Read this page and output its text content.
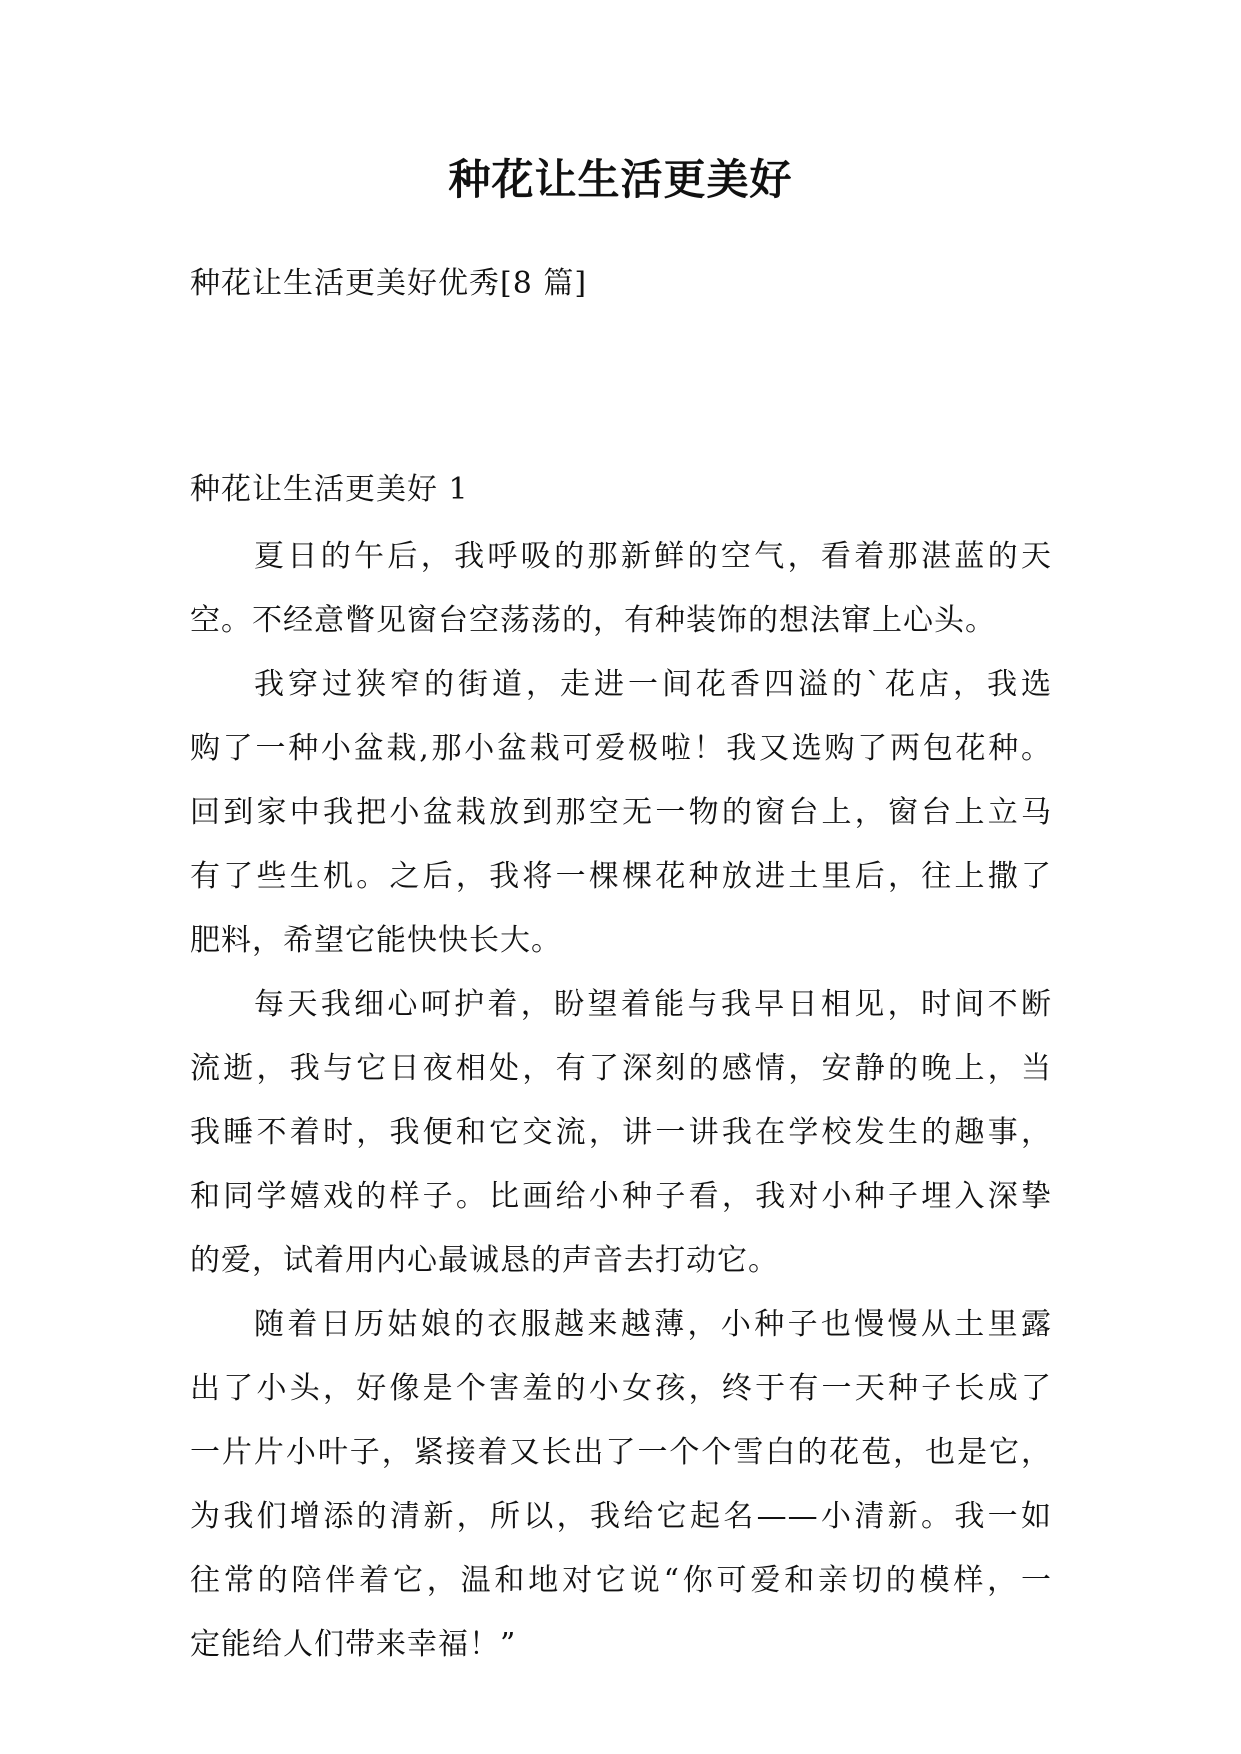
种花让生活更美好

种花让生活更美好优秀[8 篇]

种花让生活更美好 1

夏日的午后，我呼吸的那新鲜的空气，看着那湛蓝的天
空。不经意瞥见窗台空荡荡的，有种装饰的想法窜上心头。
我穿过狭窄的街道，走进一间花香四溢的`花店，我选
购了一种小盆栽,那小盆栽可爱极啦！我又选购了两包花种。
回到家中我把小盆栽放到那空无一物的窗台上，窗台上立马
有了些生机。之后，我将一棵棵花种放进土里后，往上撒了
肥料，希望它能快快长大。
每天我细心呵护着，盼望着能与我早日相见，时间不断
流逝，我与它日夜相处，有了深刻的感情，安静的晚上，当
我睡不着时，我便和它交流，讲一讲我在学校发生的趣事，
和同学嬉戏的样子。比画给小种子看，我对小种子埋入深挚
的爱，试着用内心最诚恳的声音去打动它。
随着日历姑娘的衣服越来越薄，小种子也慢慢从土里露
出了小头，好像是个害羞的小女孩，终于有一天种子长成了
一片片小叶子，紧接着又长出了一个个雪白的花苞，也是它，
为我们增添的清新，所以，我给它起名——小清新。我一如
往常的陪伴着它，温和地对它说“你可爱和亲切的模样，一
定能给人们带来幸福！”
